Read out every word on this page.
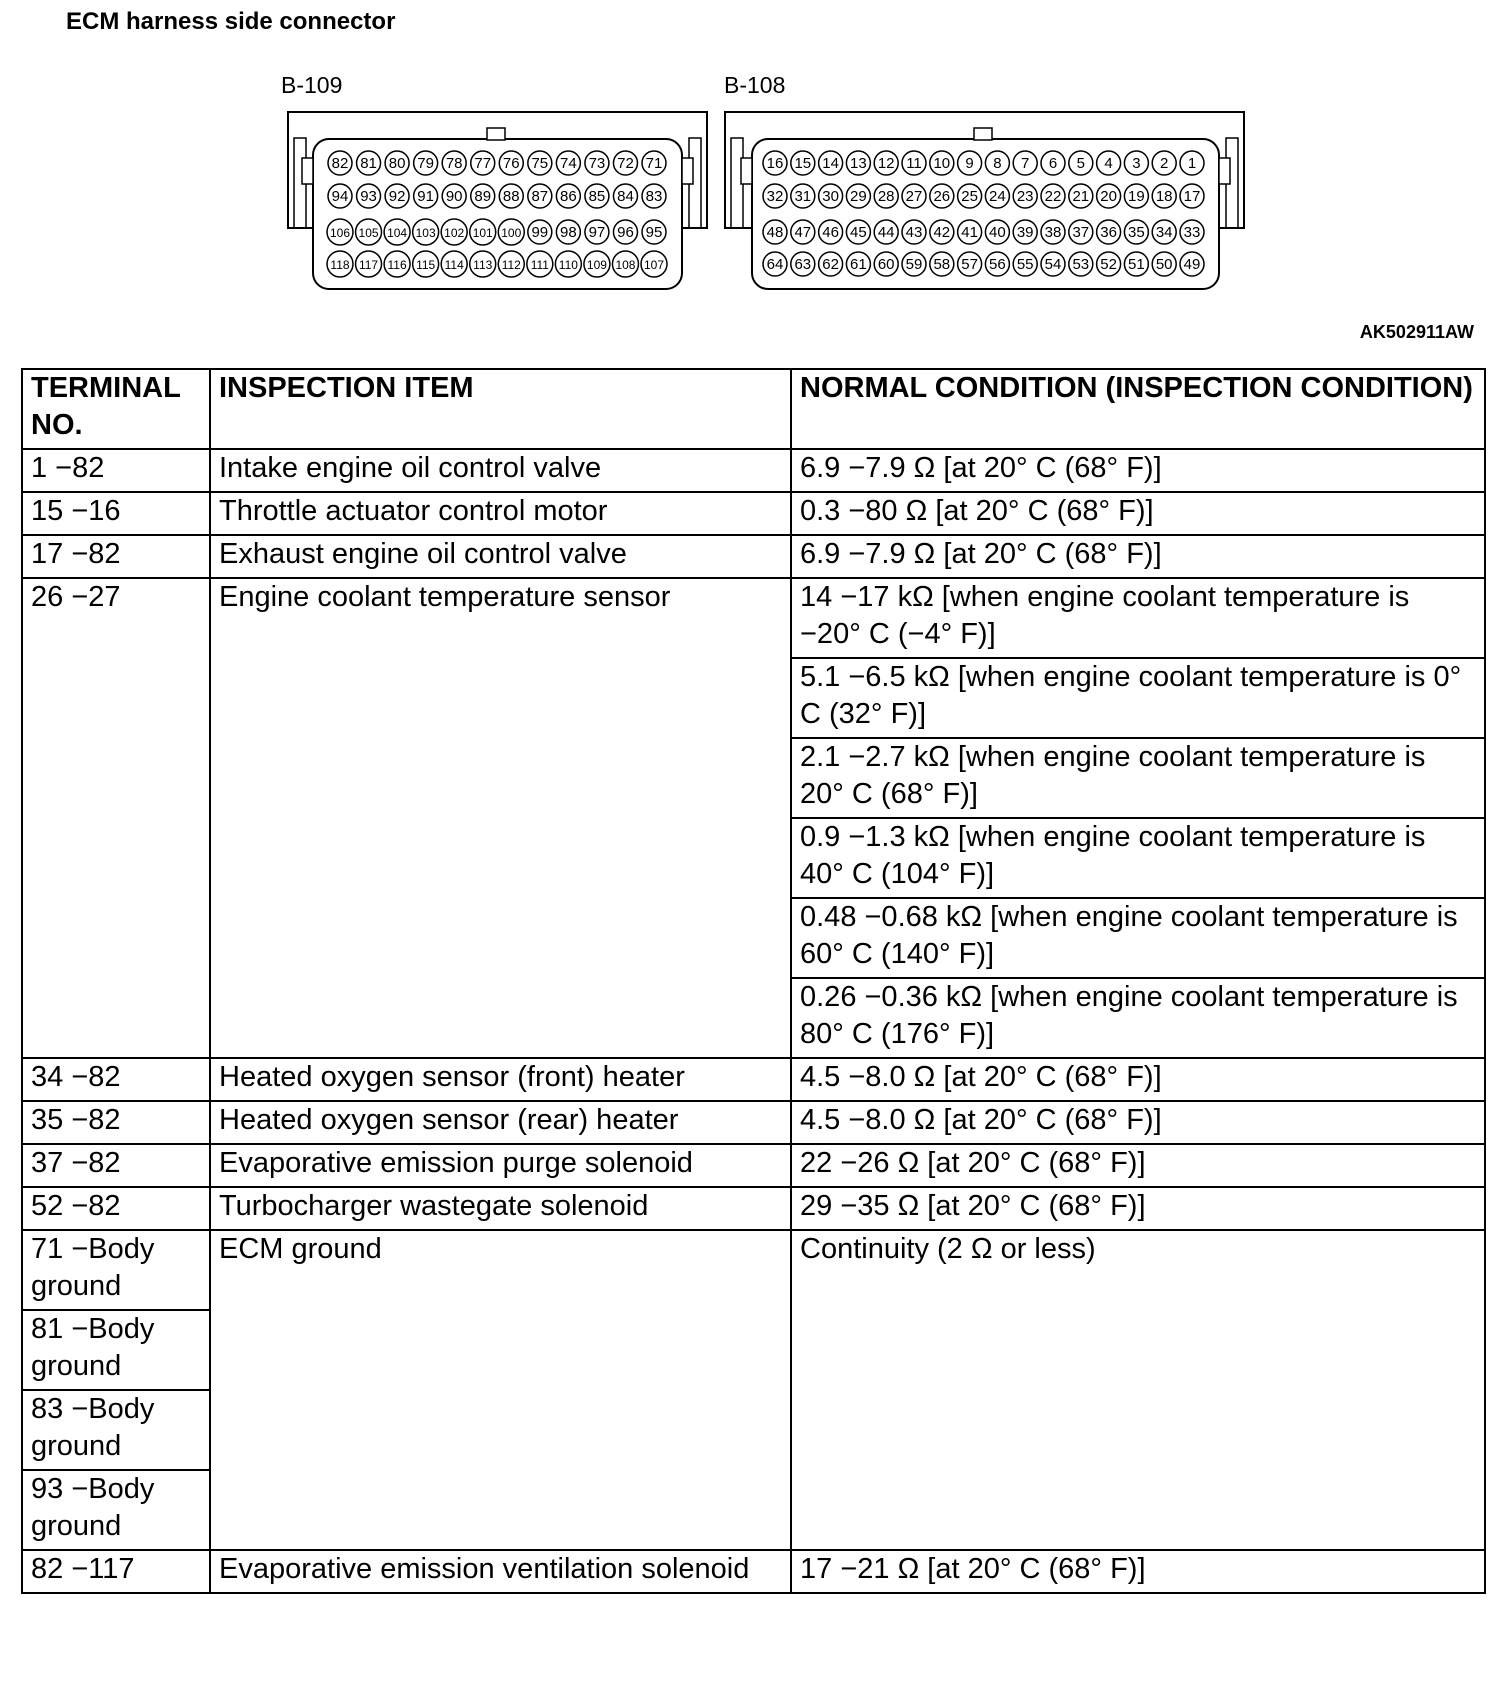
ECM harness side connector
B-109	B-108
82 81 80 79 78 77 76 75 74 73 72 71
94 93 92 91 90 89 88 87 86 85 84 83
106 105 104 103 102 101 100 99 98 97 96 95
118 117 116 115 114 113 112 111 110 109 108 107
16 15 14 13 12 11 10 9 8 7 6 5 4 3 2 1
32 31 30 29 28 27 26 25 24 23 22 21 20 19 18 17
48 47 46 45 44 43 42 41 40 39 38 37 36 35 34 33
64 63 62 61 60 59 58 57 56 55 54 53 52 51 50 49
AK502911AW
TERMINAL NO.	INSPECTION ITEM	NORMAL CONDITION (INSPECTION CONDITION)
1 −82	Intake engine oil control valve	6.9 −7.9 Ω [at 20° C (68° F)]
15 −16	Throttle actuator control motor	0.3 −80 Ω [at 20° C (68° F)]
17 −82	Exhaust engine oil control valve	6.9 −7.9 Ω [at 20° C (68° F)]
26 −27	Engine coolant temperature sensor	14 −17 kΩ [when engine coolant temperature is −20° C (−4° F)]
		5.1 −6.5 kΩ [when engine coolant temperature is 0° C (32° F)]
		2.1 −2.7 kΩ [when engine coolant temperature is 20° C (68° F)]
		0.9 −1.3 kΩ [when engine coolant temperature is 40° C (104° F)]
		0.48 −0.68 kΩ [when engine coolant temperature is 60° C (140° F)]
		0.26 −0.36 kΩ [when engine coolant temperature is 80° C (176° F)]
34 −82	Heated oxygen sensor (front) heater	4.5 −8.0 Ω [at 20° C (68° F)]
35 −82	Heated oxygen sensor (rear) heater	4.5 −8.0 Ω [at 20° C (68° F)]
37 −82	Evaporative emission purge solenoid	22 −26 Ω [at 20° C (68° F)]
52 −82	Turbocharger wastegate solenoid	29 −35 Ω [at 20° C (68° F)]
71 −Body ground	ECM ground	Continuity (2 Ω or less)
81 −Body ground		
83 −Body ground		
93 −Body ground		
82 −117	Evaporative emission ventilation solenoid	17 −21 Ω [at 20° C (68° F)]
